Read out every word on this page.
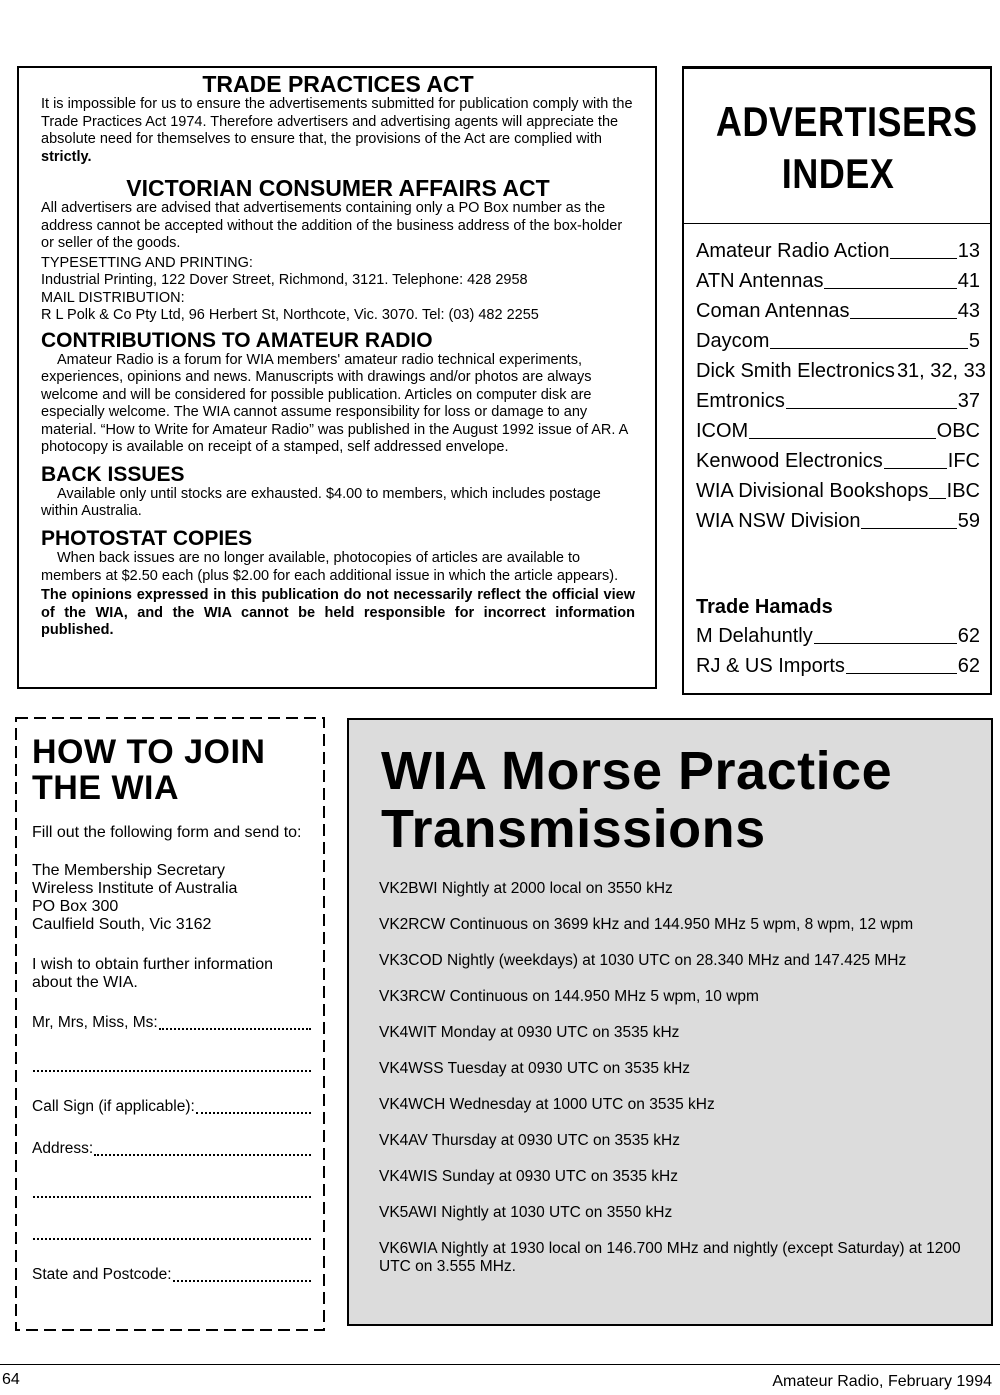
TRADE PRACTICES ACT

It is impossible for us to ensure the advertisements submitted for publication comply with the Trade Practices Act 1974. Therefore advertisers and advertising agents will appreciate the absolute need for themselves to ensure that, the provisions of the Act are complied with strictly.

VICTORIAN CONSUMER AFFAIRS ACT

All advertisers are advised that advertisements containing only a PO Box number as the address cannot be accepted without the addition of the business address of the box-holder or seller of the goods.

TYPESETTING AND PRINTING:

Industrial Printing, 122 Dover Street, Richmond, 3121. Telephone: 428 2958

MAIL DISTRIBUTION:

R L Polk & Co Pty Ltd, 96 Herbert St, Northcote, Vic. 3070. Tel: (03) 482 2255

CONTRIBUTIONS TO AMATEUR RADIO

Amateur Radio is a forum for WIA members' amateur radio technical experiments, experiences, opinions and news. Manuscripts with drawings and/or photos are always welcome and will be considered for possible publication. Articles on computer disk are especially welcome. The WIA cannot assume responsibility for loss or damage to any material. “How to Write for Amateur Radio” was published in the August 1992 issue of AR. A photocopy is available on receipt of a stamped, self addressed envelope.

BACK ISSUES

Available only until stocks are exhausted. $4.00 to members, which includes postage within Australia.

PHOTOSTAT COPIES

When back issues are no longer available, photocopies of articles are available to members at $2.50 each (plus $2.00 for each additional issue in which the article appears).

The opinions expressed in this publication do not necessarily reflect the official view of the WIA, and the WIA cannot be held responsible for incorrect information published.

ADVERTISERS
INDEX
Amateur Radio Action	13
ATN Antennas	41
Coman Antennas	43
Daycom	5
Dick Smith Electronics 31, 32, 33
Emtronics	37
ICOM	OBC
Kenwood Electronics	IFC
WIA Divisional Bookshops IBC
WIA NSW Division	59
Trade Hamads
M Delahuntly	62
RJ & US Imports	62
HOW TO JOIN
THE WIA

Fill out the following form and send to:

The Membership Secretary

Wireless Institute of Australia

PO Box 300

Caulfield South, Vic 3162

I wish to obtain further information about the WIA.

Mr, Mrs, Miss, Ms:
Call Sign (if applicable):
Address:
State and Postcode:
WIA Morse Practice
Transmissions
VK2BWI Nightly at 2000 local on 3550 kHz
VK2RCW Continuous on 3699 kHz and 144.950 MHz 5 wpm, 8 wpm, 12 wpm
VK3COD Nightly (weekdays) at 1030 UTC on 28.340 MHz and 147.425 MHz
VK3RCW Continuous on 144.950 MHz 5 wpm, 10 wpm
VK4WIT Monday at 0930 UTC on 3535 kHz
VK4WSS Tuesday at 0930 UTC on 3535 kHz
VK4WCH Wednesday at 1000 UTC on 3535 kHz
VK4AV Thursday at 0930 UTC on 3535 kHz
VK4WIS Sunday at 0930 UTC on 3535 kHz
VK5AWI Nightly at 1030 UTC on 3550 kHz
VK6WIA Nightly at 1930 local on 146.700 MHz and nightly (except Saturday) at 1200 UTC on 3.555 MHz.
64	Amateur Radio, February 1994
